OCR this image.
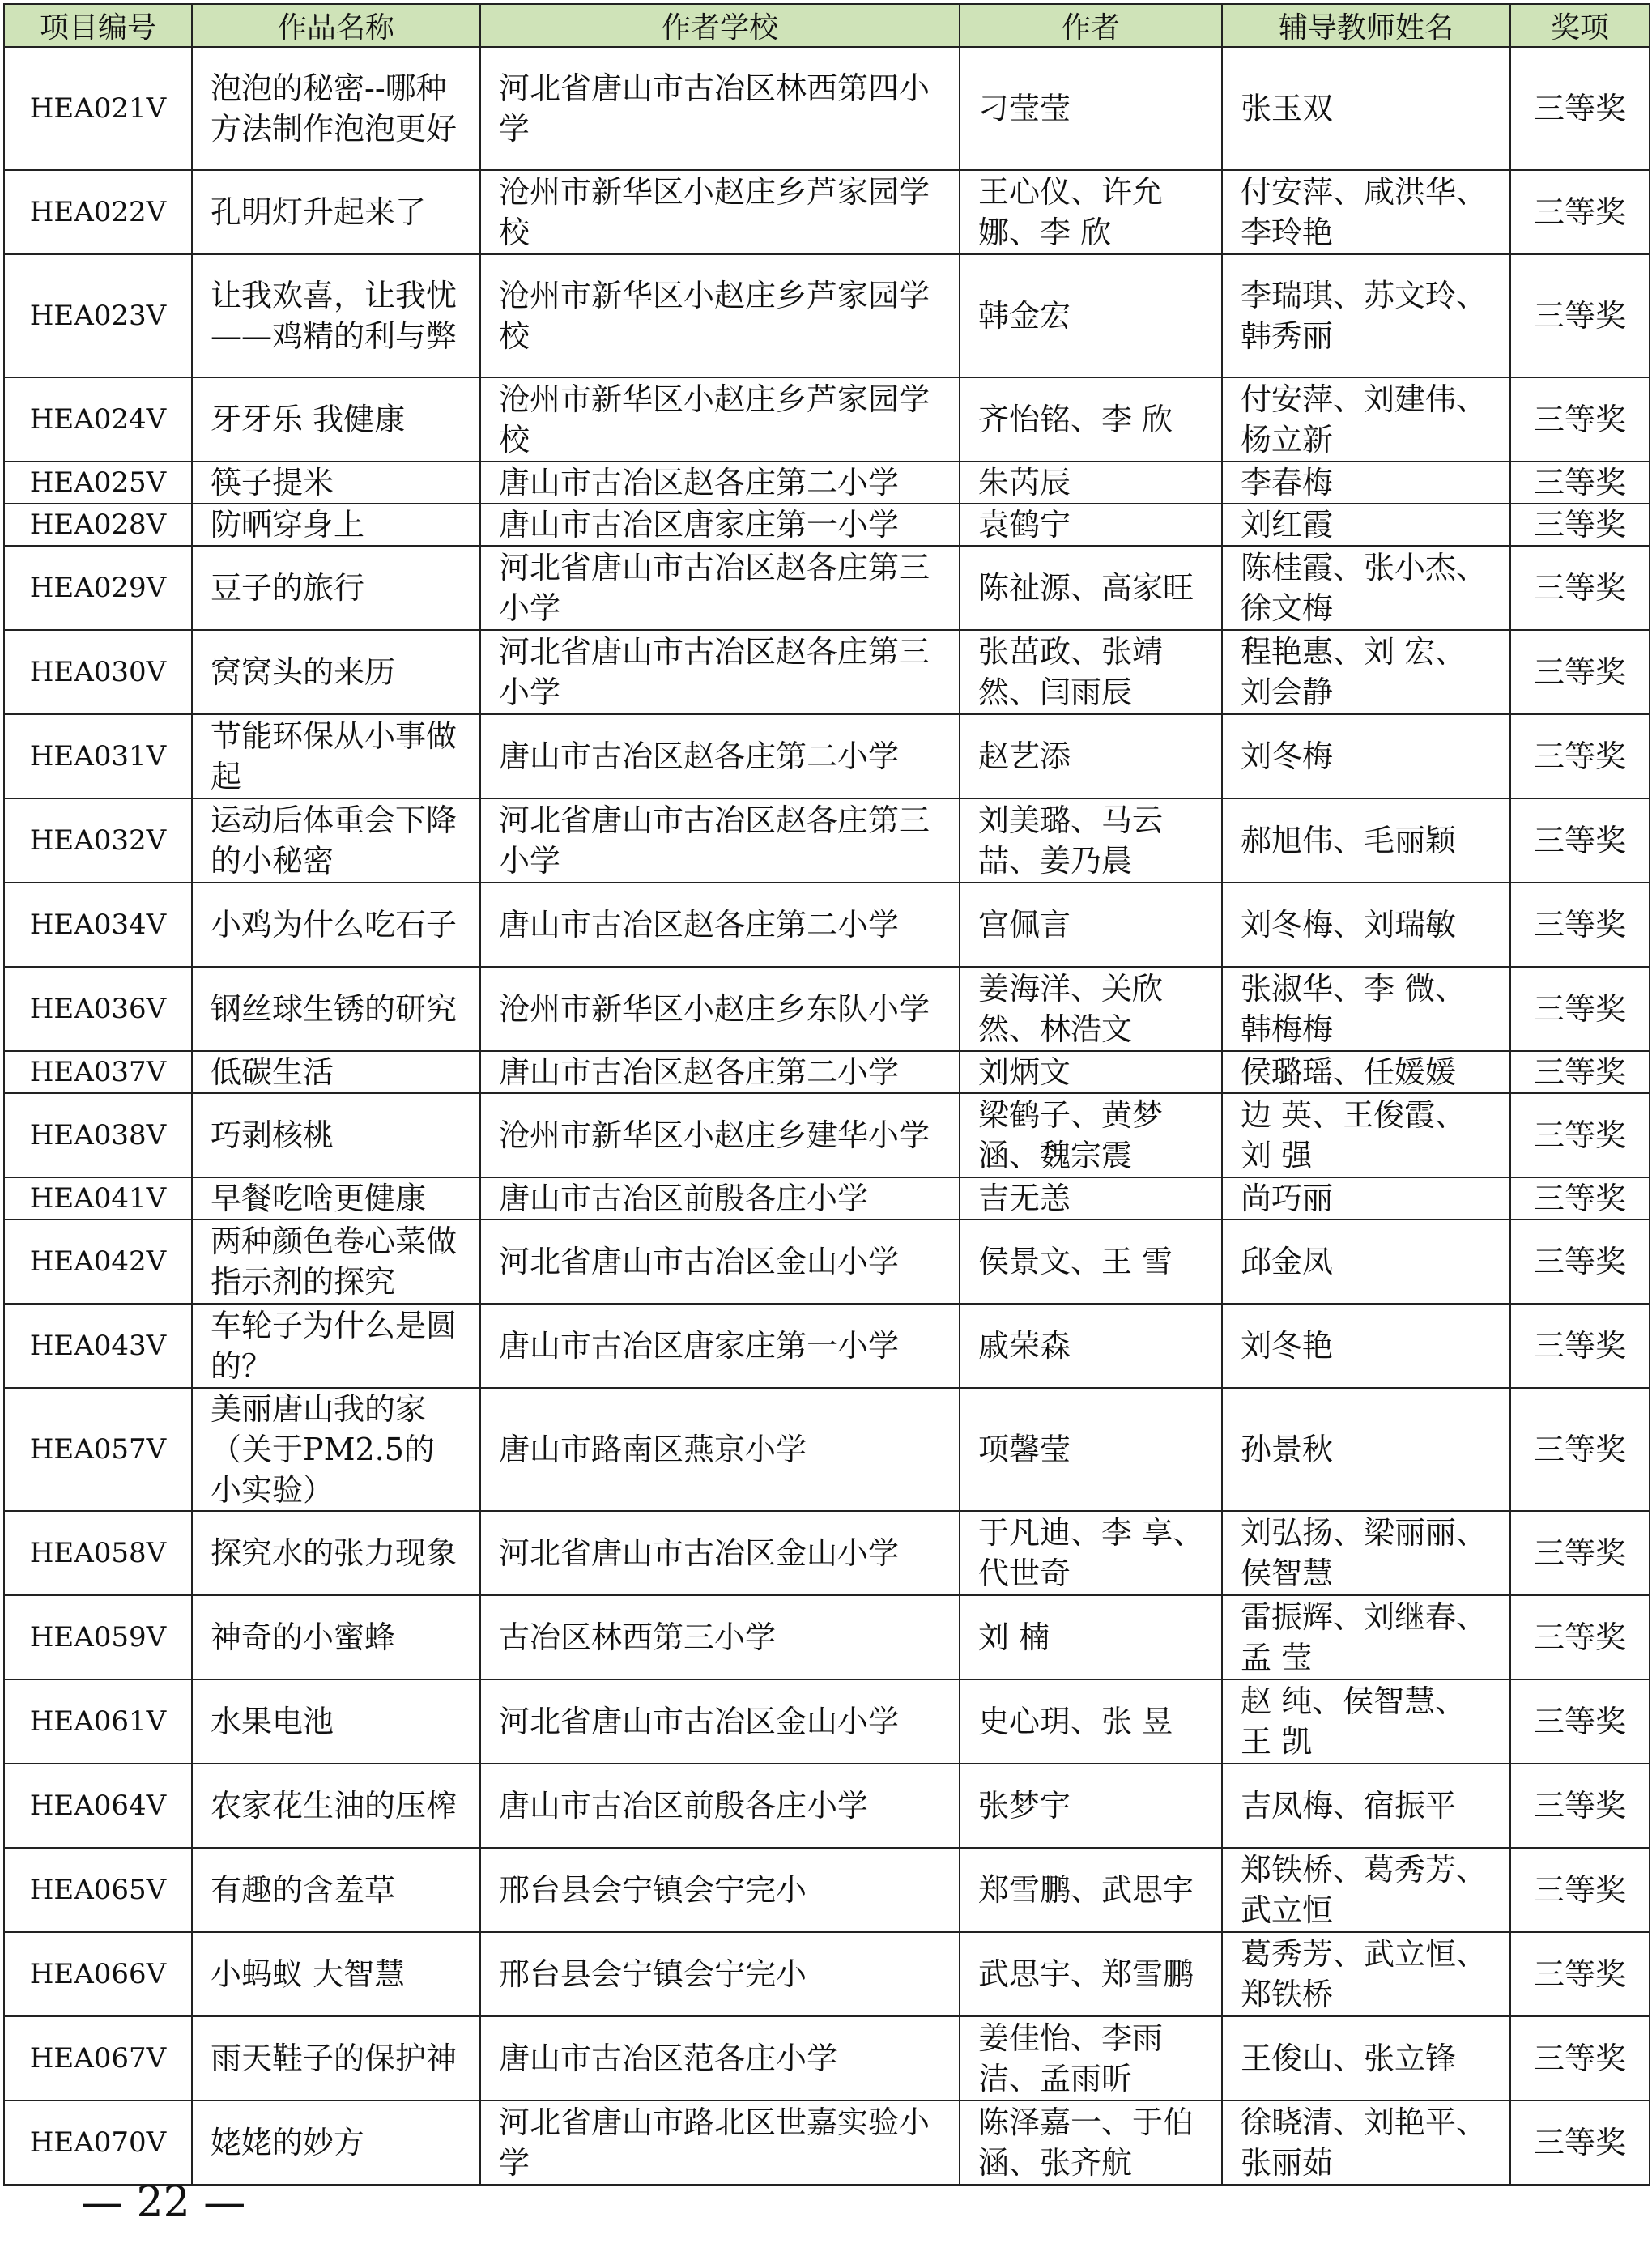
项目编号	作品名称	作者学校	作者	辅导教师姓名	奖项
HEA021V	泡泡的秘密--哪种方法制作泡泡更好	河北省唐山市古冶区林西第四小学	刁莹莹	张玉双	三等奖
HEA022V	孔明灯升起来了	沧州市新华区小赵庄乡芦家园学校	王心仪、许允娜、李 欣	付安萍、咸洪华、李玲艳	三等奖
HEA023V	让我欢喜，让我忧——鸡精的利与弊	沧州市新华区小赵庄乡芦家园学校	韩金宏	李瑞琪、苏文玲、韩秀丽	三等奖
HEA024V	牙牙乐 我健康	沧州市新华区小赵庄乡芦家园学校	齐怡铭、李 欣	付安萍、刘建伟、杨立新	三等奖
HEA025V	筷子提米	唐山市古冶区赵各庄第二小学	朱芮辰	李春梅	三等奖
HEA028V	防晒穿身上	唐山市古冶区唐家庄第一小学	袁鹤宁	刘红霞	三等奖
HEA029V	豆子的旅行	河北省唐山市古冶区赵各庄第三小学	陈祉源、高家旺	陈桂霞、张小杰、徐文梅	三等奖
HEA030V	窝窝头的来历	河北省唐山市古冶区赵各庄第三小学	张茁政、张靖然、闫雨辰	程艳惠、刘 宏、刘会静	三等奖
HEA031V	节能环保从小事做起	唐山市古冶区赵各庄第二小学	赵艺添	刘冬梅	三等奖
HEA032V	运动后体重会下降的小秘密	河北省唐山市古冶区赵各庄第三小学	刘美璐、马云喆、姜乃晨	郝旭伟、毛丽颖	三等奖
HEA034V	小鸡为什么吃石子	唐山市古冶区赵各庄第二小学	宫佩言	刘冬梅、刘瑞敏	三等奖
HEA036V	钢丝球生锈的研究	沧州市新华区小赵庄乡东队小学	姜海洋、关欣然、林浩文	张淑华、李 微、韩梅梅	三等奖
HEA037V	低碳生活	唐山市古冶区赵各庄第二小学	刘炳文	侯璐瑶、任媛媛	三等奖
HEA038V	巧剥核桃	沧州市新华区小赵庄乡建华小学	梁鹤子、黄梦涵、魏宗震	边 英、王俊霞、刘 强	三等奖
HEA041V	早餐吃啥更健康	唐山市古冶区前殷各庄小学	吉无恙	尚巧丽	三等奖
HEA042V	两种颜色卷心菜做指示剂的探究	河北省唐山市古冶区金山小学	侯景文、王 雪	邱金凤	三等奖
HEA043V	车轮子为什么是圆的？	唐山市古冶区唐家庄第一小学	戚荣森	刘冬艳	三等奖
HEA057V	美丽唐山我的家（关于PM2.5的小实验）	唐山市路南区燕京小学	项馨莹	孙景秋	三等奖
HEA058V	探究水的张力现象	河北省唐山市古冶区金山小学	于凡迪、李 享、代世奇	刘弘扬、梁丽丽、侯智慧	三等奖
HEA059V	神奇的小蜜蜂	古冶区林西第三小学	刘 楠	雷振辉、刘继春、孟 莹	三等奖
HEA061V	水果电池	河北省唐山市古冶区金山小学	史心玥、张 昱	赵 纯、侯智慧、王 凯	三等奖
HEA064V	农家花生油的压榨	唐山市古冶区前殷各庄小学	张梦宇	吉凤梅、宿振平	三等奖
HEA065V	有趣的含羞草	邢台县会宁镇会宁完小	郑雪鹏、武思宇	郑铁桥、葛秀芳、武立恒	三等奖
HEA066V	小蚂蚁 大智慧	邢台县会宁镇会宁完小	武思宇、郑雪鹏	葛秀芳、武立恒、郑铁桥	三等奖
HEA067V	雨天鞋子的保护神	唐山市古冶区范各庄小学	姜佳怡、李雨洁、孟雨昕	王俊山、张立锋	三等奖
HEA070V	姥姥的妙方	河北省唐山市路北区世嘉实验小学	陈泽嘉一、于伯涵、张齐航	徐晓清、刘艳平、张丽茹	三等奖
— 22 —
